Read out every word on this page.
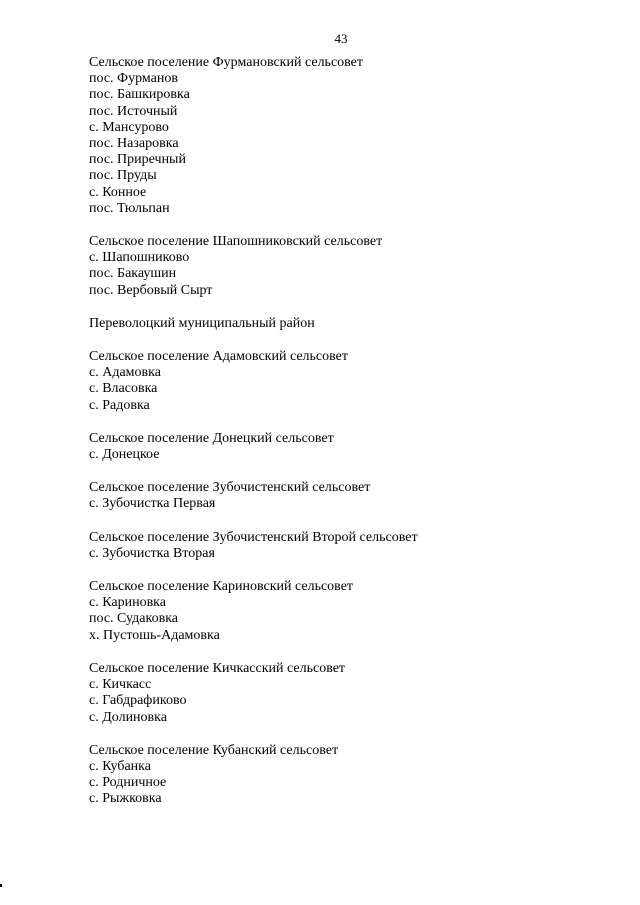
43
Сельское поселение Фурмановский сельсовет
пос. Фурманов
пос. Башкировка
пос. Источный
с. Мансурово
пос. Назаровка
пос. Приречный
пос. Пруды
с. Конное
пос. Тюльпан
Сельское поселение Шапошниковский сельсовет
с. Шапошниково
пос. Бакаушин
пос. Вербовый Сырт
Переволоцкий муниципальный район
Сельское поселение Адамовский сельсовет
с. Адамовка
с. Власовка
с. Радовка
Сельское поселение Донецкий сельсовет
с. Донецкое
Сельское поселение Зубочистенский сельсовет
с. Зубочистка Первая
Сельское поселение Зубочистенский Второй сельсовет
с. Зубочистка Вторая
Сельское поселение Кариновский сельсовет
с. Кариновка
пос. Судаковка
х. Пустошь-Адамовка
Сельское поселение Кичкасский сельсовет
с. Кичкасс
с. Габдрафиково
с. Долиновка
Сельское поселение Кубанский сельсовет
с. Кубанка
с. Родничное
с. Рыжковка
